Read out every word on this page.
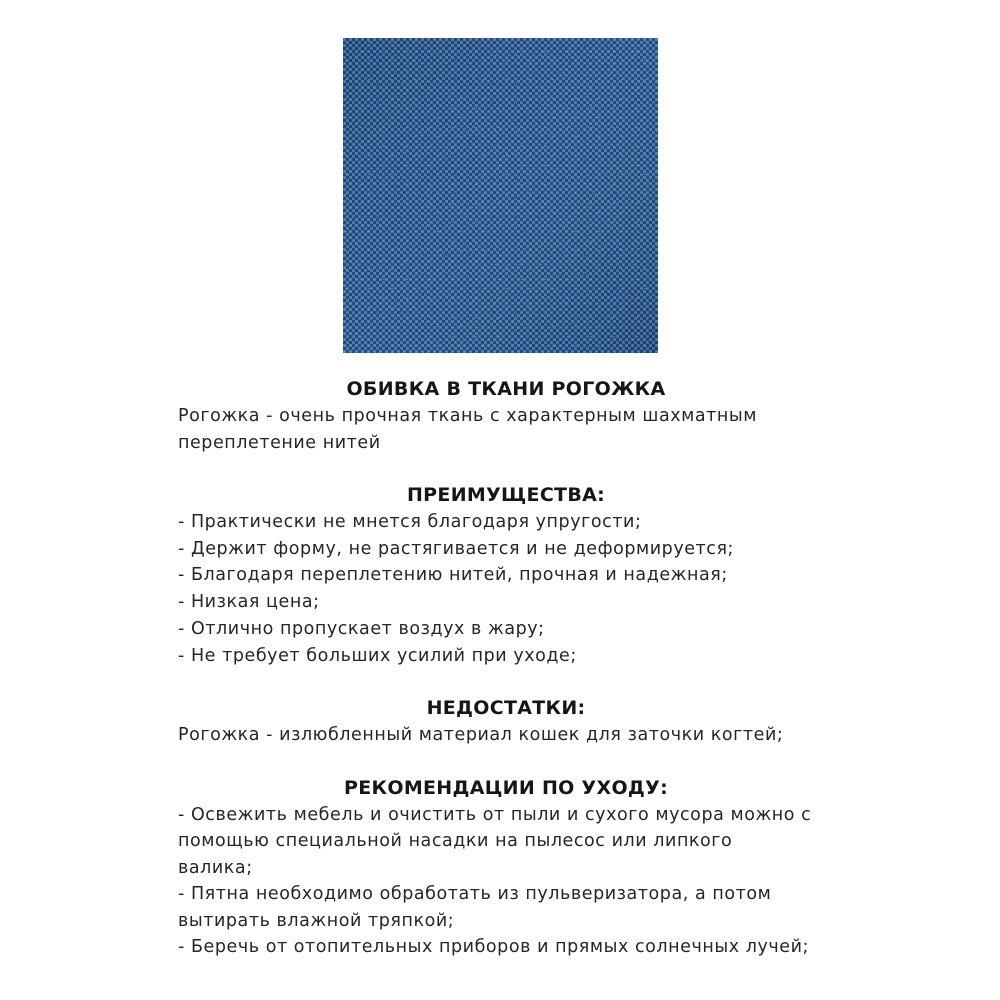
ОБИВКА В ТКАНИ РОГОЖКА
Рогожка - очень прочная ткань с характерным шахматным
переплетение нитей
ПРЕИМУЩЕСТВА:
- Практически не мнется благодаря упругости;
- Держит форму, не растягивается и не деформируется;
- Благодаря переплетению нитей, прочная и надежная;
- Низкая цена;
- Отлично пропускает воздух в жару;
- Не требует больших усилий при уходе;
НЕДОСТАТКИ:
Рогожка - излюбленный материал кошек для заточки когтей;
РЕКОМЕНДАЦИИ ПО УХОДУ:
- Освежить мебель и очистить от пыли и сухого мусора можно с
помощью специальной насадки на пылесос или липкого
валика;
- Пятна необходимо обработать из пульверизатора, а потом
вытирать влажной тряпкой;
- Беречь от отопительных приборов и прямых солнечных лучей;
